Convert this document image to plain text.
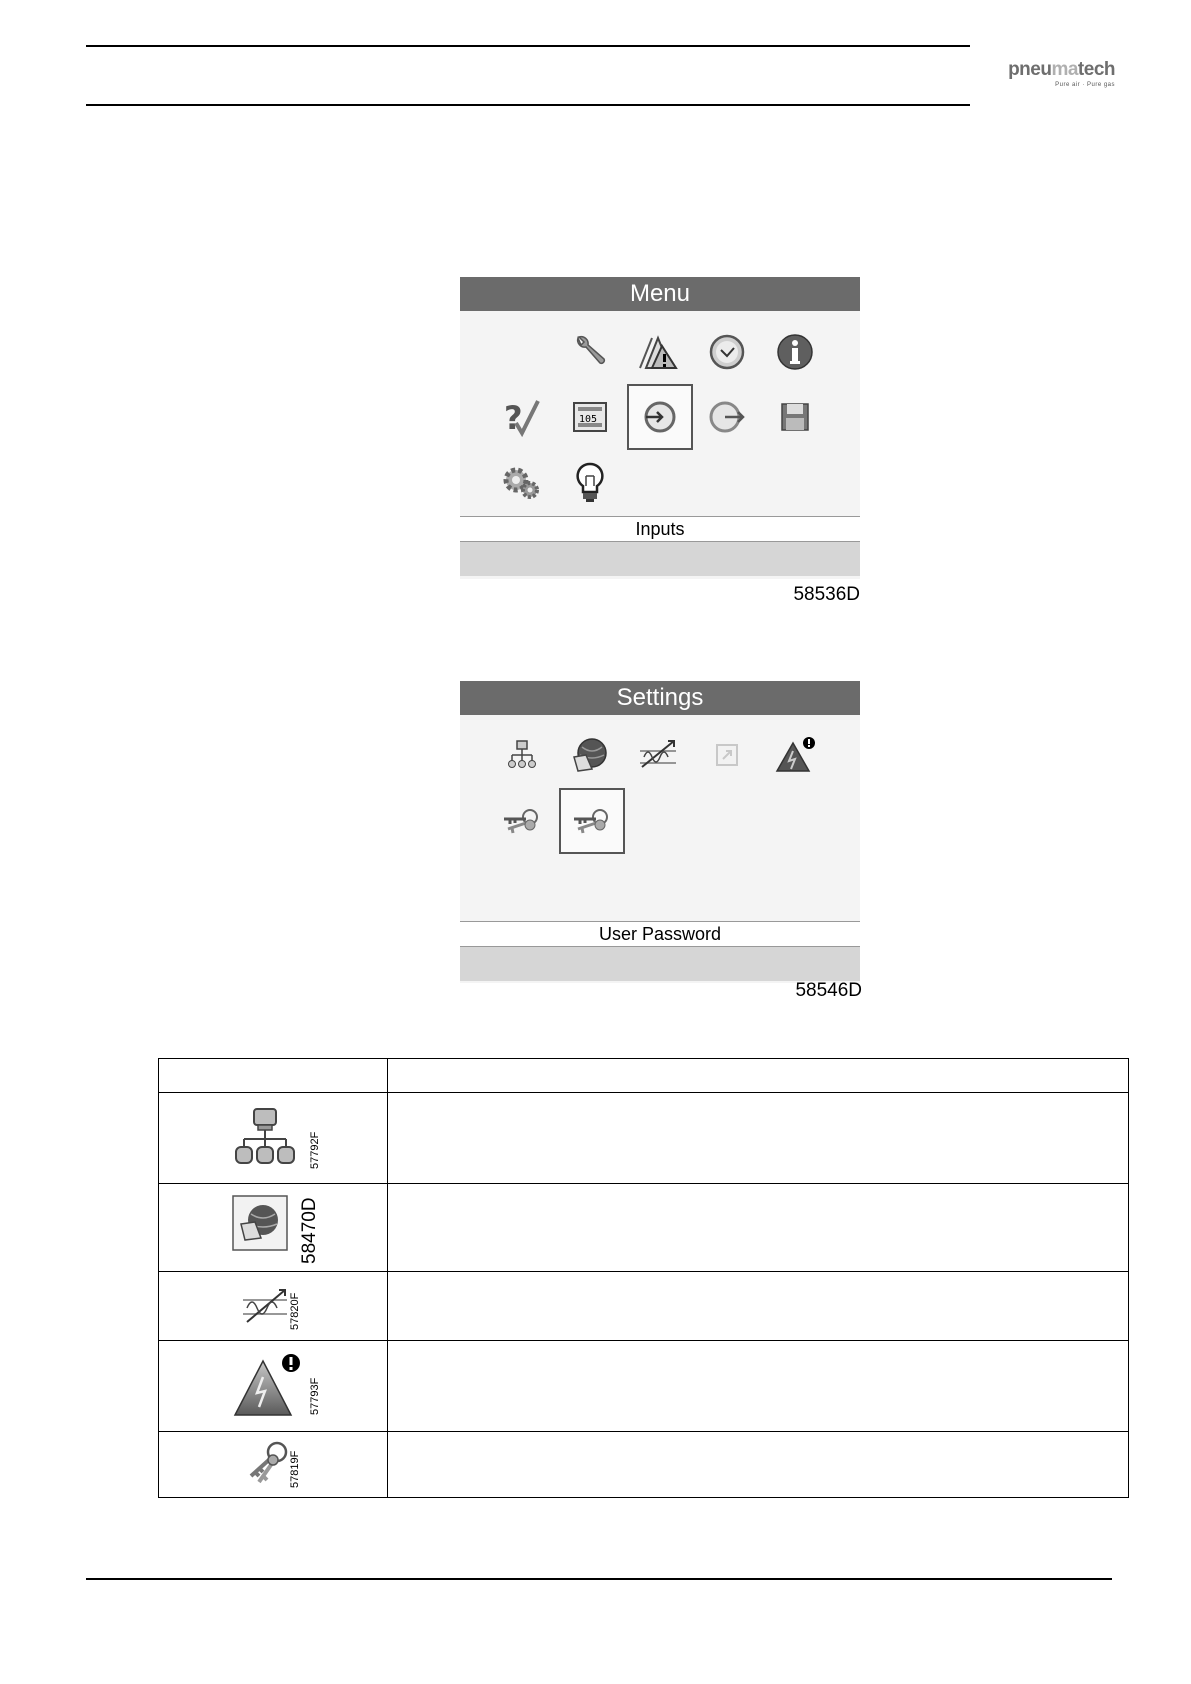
pneumatech
Pure air · Pure gas
Menu
?	105
Inputs
58536D
Settings
User Password
58546D

57792F	

58470D	

57820F	

57793F	

57819F	
